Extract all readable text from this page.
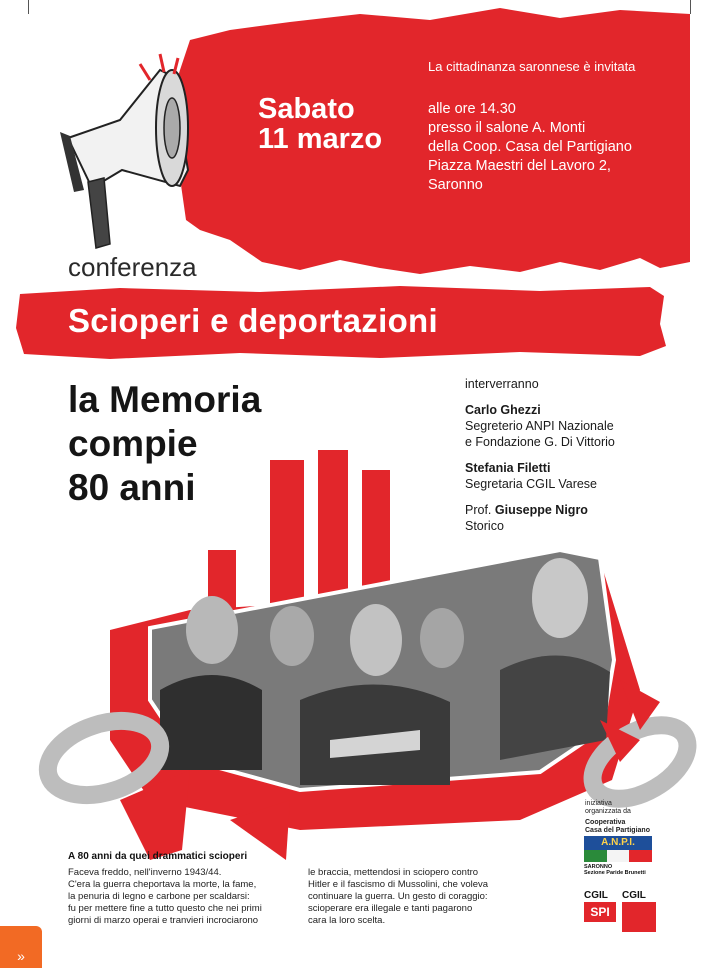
La cittadinanza saronnese è invitata
Sabato
11 marzo
alle ore 14.30
presso il salone A. Monti
della Coop. Casa del Partigiano
Piazza Maestri del Lavoro 2,
Saronno
conferenza
Scioperi e deportazioni
la Memoria
compie
80 anni
interverranno
Carlo Ghezzi
Segreterio ANPI Nazionale
e Fondazione G. Di Vittorio
Stefania Filetti
Segretaria CGIL Varese
Prof. Giuseppe Nigro
Storico
iniziativa
organizzata da
Cooperativa
Casa del Partigiano
A.N.P.I.
SARONNO
Sezione Paride Brunetti
CGIL
SPI
CGIL
A 80 anni da quei drammatici scioperi
Faceva freddo, nell'inverno 1943/44.
C'era la guerra cheportava la morte, la fame,
la penuria di legno e carbone per scaldarsi:
fu per mettere fine a tutto questo che nei primi
giorni di marzo operai e tranvieri incrociarono
le braccia, mettendosi in sciopero contro
Hitler e il fascismo di Mussolini, che voleva
continuare la guerra. Un gesto di coraggio:
scioperare era illegale e tanti pagarono
cara la loro scelta.
»
